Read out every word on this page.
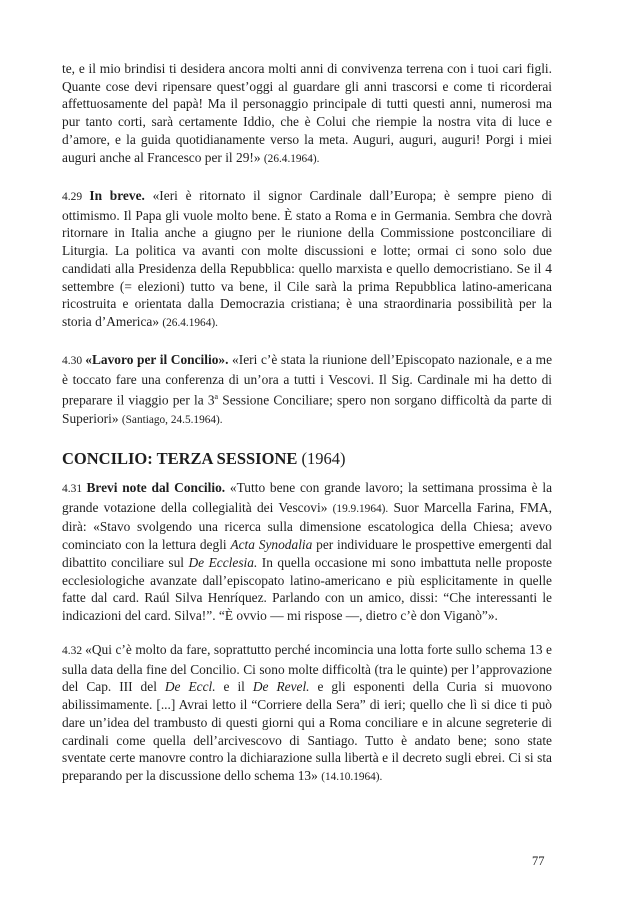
te, e il mio brindisi ti desidera ancora molti anni di convivenza terrena con i tuoi cari figli. Quante cose devi ripensare quest’oggi al guardare gli anni trascorsi e come ti ricorderai affettuosamente del papà! Ma il personaggio principale di tutti questi anni, numerosi ma pur tanto corti, sarà certamente Iddio, che è Colui che riempie la nostra vita di luce e d’amore, e la guida quotidianamente verso la meta. Auguri, auguri, auguri! Porgi i miei auguri anche al Francesco per il 29!» (26.4.1964).
4.29 In breve. «Ieri è ritornato il signor Cardinale dall’Europa; è sempre pieno di ottimismo. Il Papa gli vuole molto bene. È stato a Roma e in Germania. Sembra che dovrà ritornare in Italia anche a giugno per le riunione della Commissione postconciliare di Liturgia. La politica va avanti con molte discussioni e lotte; ormai ci sono solo due candidati alla Presidenza della Repubblica: quello marxista e quello democristiano. Se il 4 settembre (= elezioni) tutto va bene, il Cile sarà la prima Repubblica latino-americana ricostruita e orientata dalla Democrazia cristiana; è una straordinaria possibilità per la storia d’America» (26.4.1964).
4.30 «Lavoro per il Concilio». «Ieri c’è stata la riunione dell’Episcopato nazionale, e a me è toccato fare una conferenza di un’ora a tutti i Vescovi. Il Sig. Cardinale mi ha detto di preparare il viaggio per la 3$^a$ Sessione Conciliare; spero non sorgano difficoltà da parte di Superiori» (Santiago, 24.5.1964).
CONCILIO: TERZA SESSIONE (1964)
4.31 Brevi note dal Concilio. «Tutto bene con grande lavoro; la settimana prossima è la grande votazione della collegialità dei Vescovi» (19.9.1964). Suor Marcella Farina, FMA, dirà: «Stavo svolgendo una ricerca sulla dimensione escatologica della Chiesa; avevo cominciato con la lettura degli Acta Synodalia per individuare le prospettive emergenti dal dibattito conciliare sul De Ecclesia. In quella occasione mi sono imbattuta nelle proposte ecclesiologiche avanzate dall’episcopato latino-americano e più esplicitamente in quelle fatte dal card. Raúl Silva Henríquez. Parlando con un amico, dissi: “Che interessanti le indicazioni del card. Silva!”. “È ovvio — mi rispose —, dietro c’è don Viganò”».
4.32 «Qui c’è molto da fare, soprattutto perché incomincia una lotta forte sullo schema 13 e sulla data della fine del Concilio. Ci sono molte difficoltà (tra le quinte) per l’approvazione del Cap. III del De Eccl. e il De Revel. e gli esponenti della Curia si muovono abilissimamente. [...] Avrai letto il “Corriere della Sera” di ieri; quello che lì si dice ti può dare un’idea del trambusto di questi giorni qui a Roma conciliare e in alcune segreterie di cardinali come quella dell’arcivescovo di Santiago. Tutto è andato bene; sono state sventate certe manovre contro la dichiarazione sulla libertà e il decreto sugli ebrei. Ci si sta preparando per la discussione dello schema 13» (14.10.1964).
77
